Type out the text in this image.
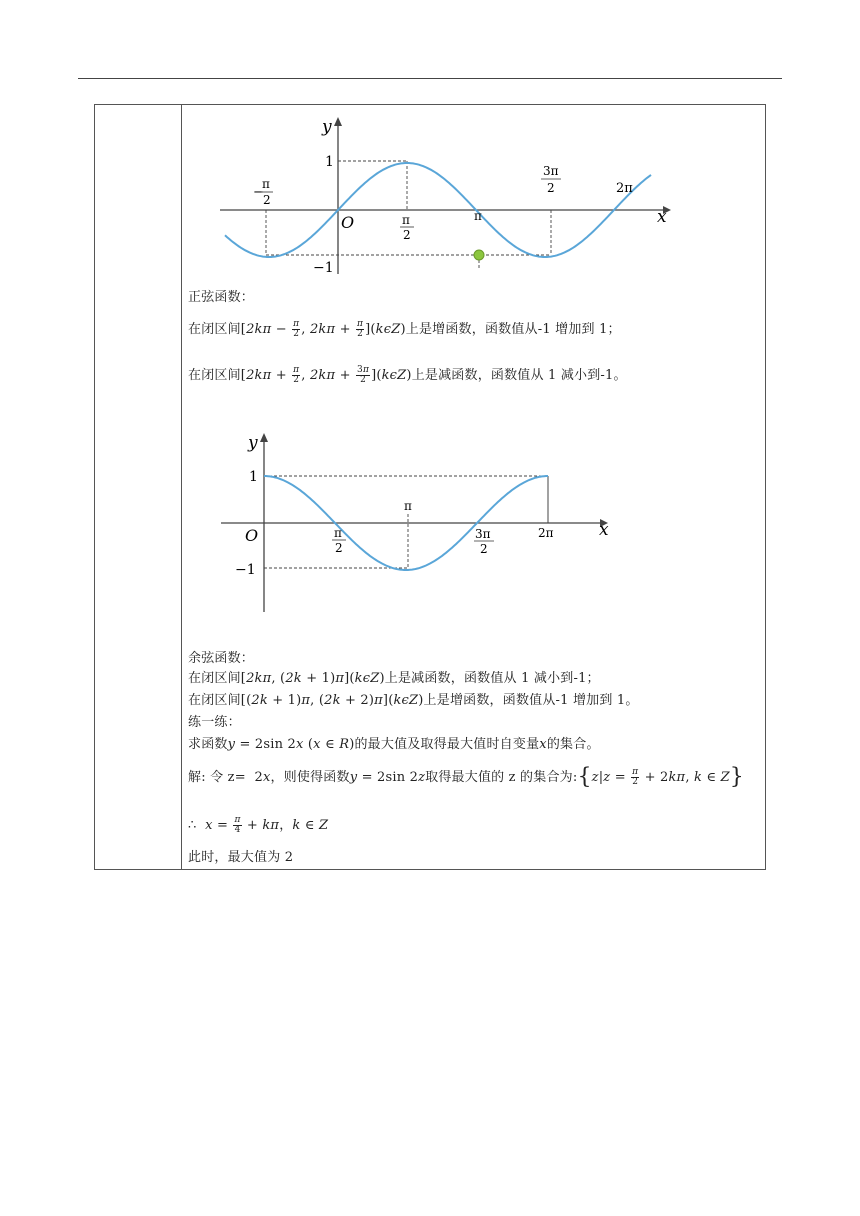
y
x
O
1
−1
−
π
2
π
2
π
3π
2	2π
正弦函数：
在闭区间[$2k\pi - \frac{\pi}{2}$ , $2k\pi + \frac{\pi}{2} ](k\epsilon Z)$上是增函数，函数值从-1 增加到 1；
在闭区间[$2k\pi + \frac{\pi}{2}$ , $2k\pi + \frac{3\pi}{2} ](k\epsilon Z)$上是减函数，函数值从 1 减小到-1。
y
x
O
1
−1
π
2
π
3π
2
2π
余弦函数：
在闭区间[2kπ, (2k + 1)π](kϵZ)上是减函数，函数值从 1 减小到-1；
在闭区间[(2k + 1)π, (2k + 2)π](kϵZ)上是增函数，函数值从-1 增加到 1。
练一练：
求函数y = 2sin 2x (x ∈ R)的最大值及取得最大值时自变量x的集合。
解: 令 z=  2x，则使得函数y = 2sin 2z取得最大值的 z 的集合为:{z|z = $\frac{\pi}{2} + 2k\pi$, k ∈ Z}
∴ $x = \frac{\pi}{4} + k\pi$，k ∈ Z
此时，最大值为 2
